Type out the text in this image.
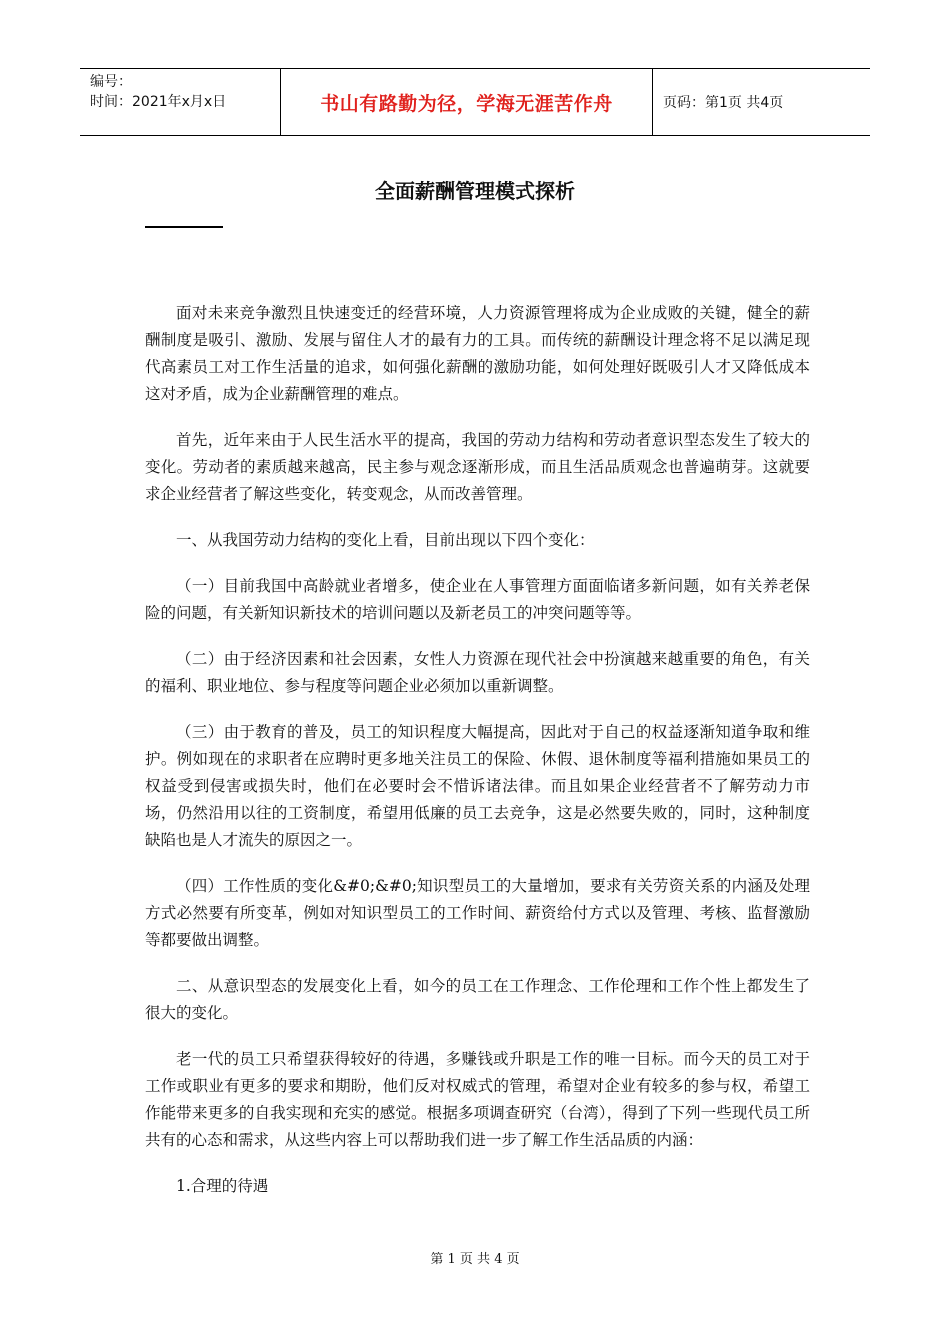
编号：
时间：2021年x月x日	书山有路勤为径，学海无涯苦作舟	页码：第1页 共4页
全面薪酬管理模式探析

面对未来竞争激烈且快速变迁的经营环境，人力资源管理将成为企业成败的关键，健全的薪酬制度是吸引、激励、发展与留住人才的最有力的工具。而传统的薪酬设计理念将不足以满足现代高素员工对工作生活量的追求，如何强化薪酬的激励功能，如何处理好既吸引人才又降低成本这对矛盾，成为企业薪酬管理的难点。

首先，近年来由于人民生活水平的提高，我国的劳动力结构和劳动者意识型态发生了较大的变化。劳动者的素质越来越高，民主参与观念逐渐形成，而且生活品质观念也普遍萌芽。这就要求企业经营者了解这些变化，转变观念，从而改善管理。

一、从我国劳动力结构的变化上看，目前出现以下四个变化：

（一）目前我国中高龄就业者增多，使企业在人事管理方面面临诸多新问题，如有关养老保险的问题，有关新知识新技术的培训问题以及新老员工的冲突问题等等。

（二）由于经济因素和社会因素，女性人力资源在现代社会中扮演越来越重要的角色，有关的福利、职业地位、参与程度等问题企业必须加以重新调整。

（三）由于教育的普及，员工的知识程度大幅提高，因此对于自己的权益逐渐知道争取和维护。例如现在的求职者在应聘时更多地关注员工的保险、休假、退休制度等福利措施如果员工的权益受到侵害或损失时，他们在必要时会不惜诉诸法律。而且如果企业经营者不了解劳动力市场，仍然沿用以往的工资制度，希望用低廉的员工去竞争，这是必然要失败的，同时，这种制度缺陷也是人才流失的原因之一。

（四）工作性质的变化&#0;&#0;知识型员工的大量增加，要求有关劳资关系的内涵及处理方式必然要有所变革，例如对知识型员工的工作时间、薪资给付方式以及管理、考核、监督激励等都要做出调整。

二、从意识型态的发展变化上看，如今的员工在工作理念、工作伦理和工作个性上都发生了很大的变化。

老一代的员工只希望获得较好的待遇，多赚钱或升职是工作的唯一目标。而今天的员工对于工作或职业有更多的要求和期盼，他们反对权威式的管理，希望对企业有较多的参与权，希望工作能带来更多的自我实现和充实的感觉。根据多项调查研究（台湾），得到了下列一些现代员工所共有的心态和需求，从这些内容上可以帮助我们进一步了解工作生活品质的内涵：

1.合理的待遇

第 1 页 共 4 页
